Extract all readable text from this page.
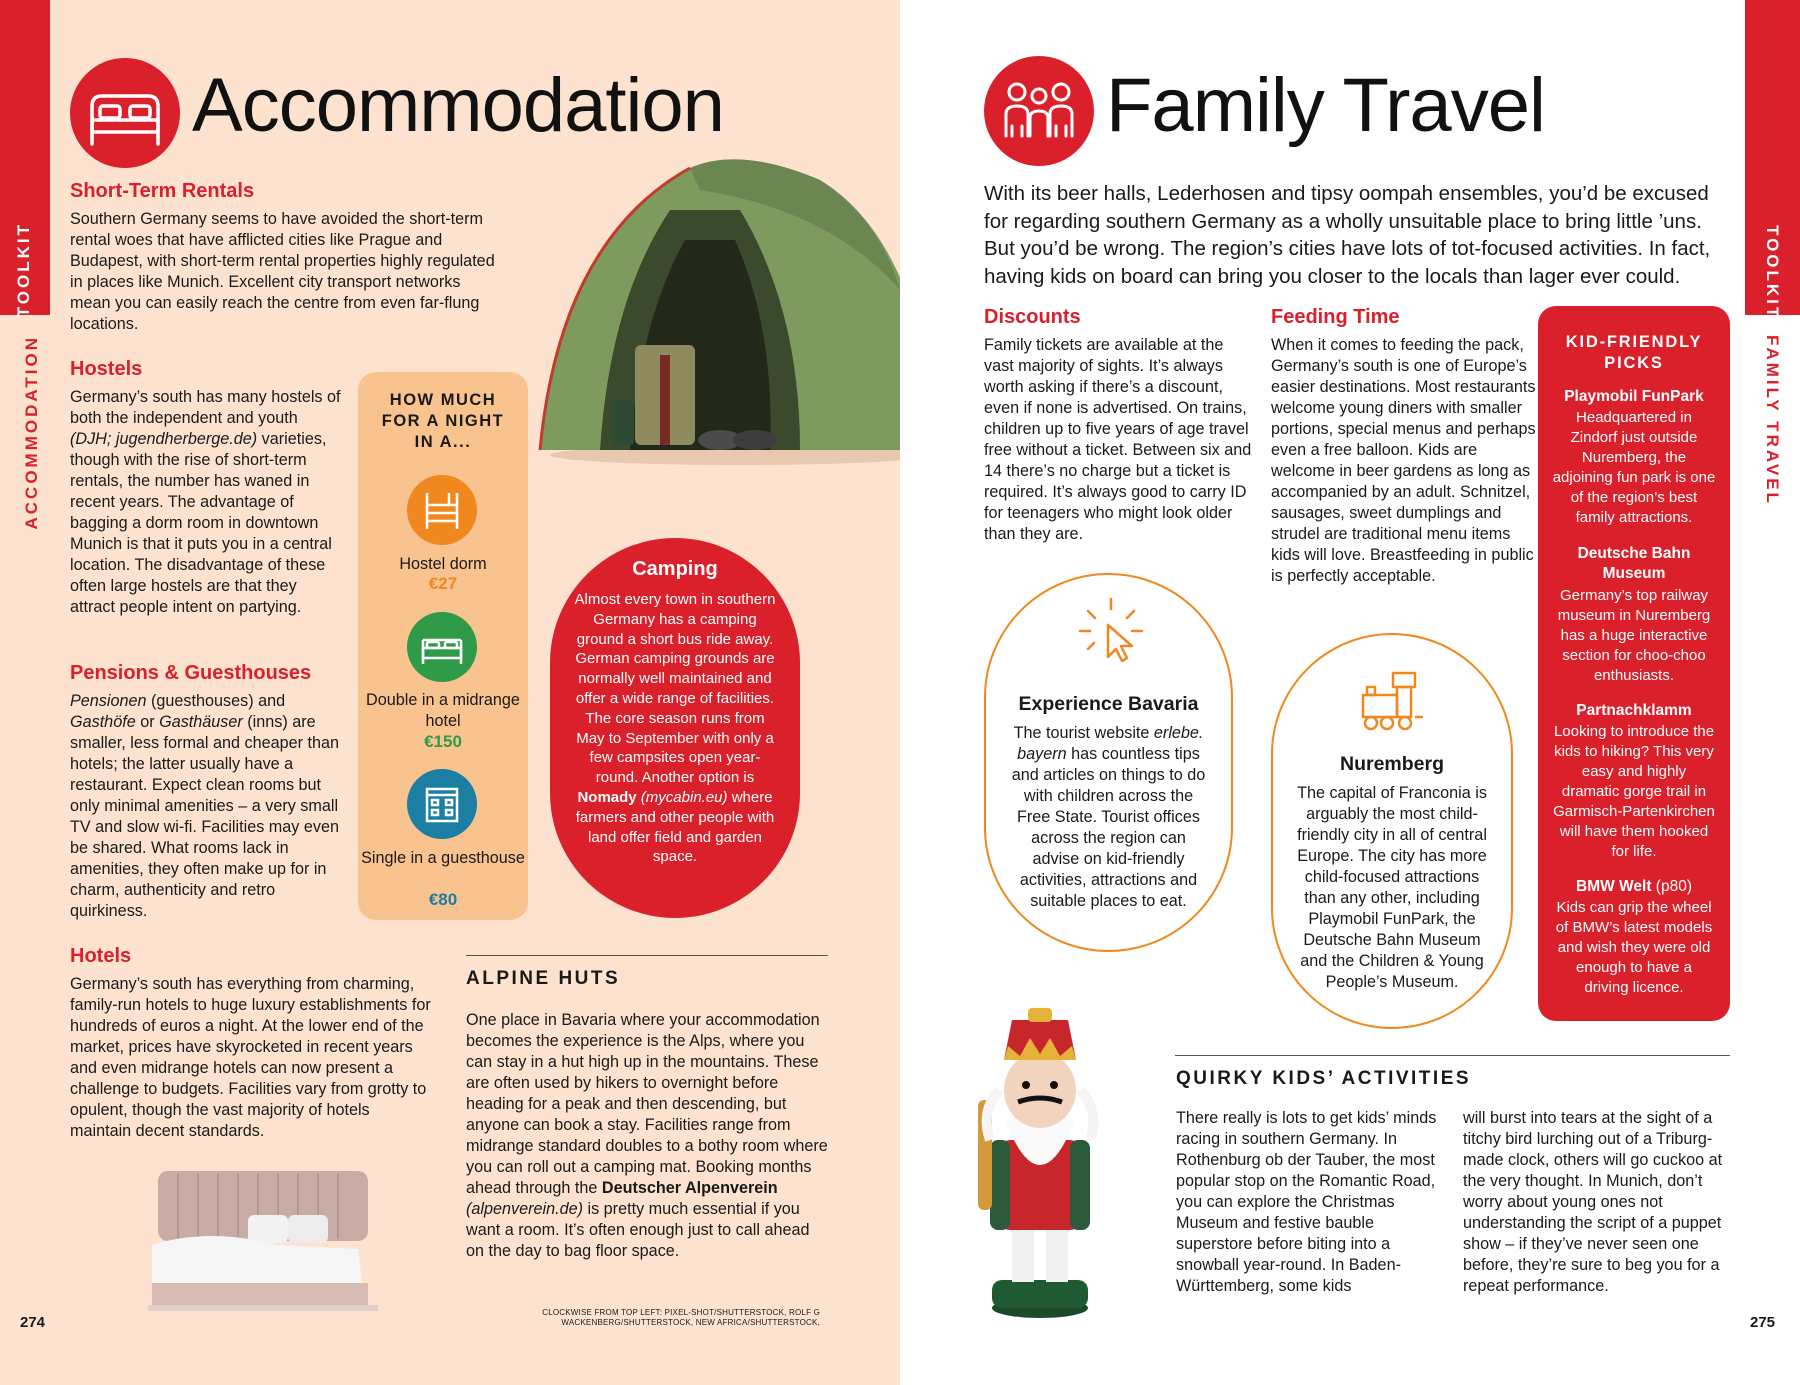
TOOLKIT
ACCOMMODATION
Accommodation
Short-Term Rentals

Southern Germany seems to have avoided the short-term rental woes that have afflicted cities like Prague and Budapest, with short-term rental properties highly regulated in places like Munich. Excellent city transport networks mean you can easily reach the centre from even far-flung locations.

Hostels

Germany’s south has many hostels of both the independent and youth (DJH; jugendherberge.de) varieties, though with the rise of short-term rentals, the number has waned in recent years. The advantage of bagging a dorm room in downtown Munich is that it puts you in a central location. The disadvantage of these often large hostels are that they attract people intent on partying.

Pensions & Guesthouses

Pensionen (guesthouses) and Gasthöfe or Gasthäuser (inns) are smaller, less formal and cheaper than hotels; the latter usually have a restaurant. Expect clean rooms but only minimal amenities – a very small TV and slow wi-fi. Facilities may even be shared. What rooms lack in amenities, they often make up for in charm, authenticity and retro quirkiness.

Hotels

Germany’s south has everything from charming, family-run hotels to huge luxury establishments for hundreds of euros a night. At the lower end of the market, prices have skyrocketed in recent years and even midrange hotels can now present a challenge to budgets. Facilities vary from grotty to opulent, though the vast majority of hotels maintain decent standards.

HOW MUCH FOR A NIGHT IN A...
Hostel dorm
€27
Double in a midrange hotel
€150
Single in a guesthouse
€80
Camping

Almost every town in southern Germany has a camping ground a short bus ride away. German camping grounds are normally well maintained and offer a wide range of facilities. The core season runs from May to September with only a few campsites open year-round. Another option is Nomady (mycabin.eu) where farmers and other people with land offer field and garden space.

ALPINE HUTS

One place in Bavaria where your accommodation becomes the experience is the Alps, where you can stay in a hut high up in the mountains. These are often used by hikers to overnight before heading for a peak and then descending, but anyone can book a stay. Facilities range from midrange standard doubles to a bothy room where you can roll out a camping mat. Booking months ahead through the Deutscher Alpenverein (alpenverein.de) is pretty much essential if you want a room. It’s often enough just to call ahead on the day to bag floor space.

274
CLOCKWISE FROM TOP LEFT: PIXEL-SHOT/SHUTTERSTOCK, ROLF G WACKENBERG/SHUTTERSTOCK, NEW AFRICA/SHUTTERSTOCK,
TOOLKIT
FAMILY TRAVEL
Family Travel

With its beer halls, Lederhosen and tipsy oompah ensembles, you’d be excused for regarding southern Germany as a wholly unsuitable place to bring little ’uns. But you’d be wrong. The region’s cities have lots of tot-focused activities. In fact, having kids on board can bring you closer to the locals than lager ever could.

Discounts

Family tickets are available at the vast majority of sights. It’s always worth asking if there’s a discount, even if none is advertised. On trains, children up to five years of age travel free without a ticket. Between six and 14 there’s no charge but a ticket is required. It’s always good to carry ID for teenagers who might look older than they are.

Feeding Time

When it comes to feeding the pack, Germany’s south is one of Europe’s easier destinations. Most restaurants welcome young diners with smaller portions, special menus and perhaps even a free balloon. Kids are welcome in beer gardens as long as accompanied by an adult. Schnitzel, sausages, sweet dumplings and strudel are traditional menu items kids will love. Breastfeeding in public is perfectly acceptable.

KID-FRIENDLY PICKS
Playmobil FunPark

Headquartered in Zindorf just outside Nuremberg, the adjoining fun park is one of the region’s best family attractions.

Deutsche Bahn Museum

Germany’s top railway museum in Nuremberg has a huge interactive section for choo-choo enthusiasts.

Partnachklamm

Looking to introduce the kids to hiking? This very easy and highly dramatic gorge trail in Garmisch-Partenkirchen will have them hooked for life.

BMW Welt (p80)

Kids can grip the wheel of BMW’s latest models and wish they were old enough to have a driving licence.

Experience Bavaria

The tourist website erlebe. bayern has countless tips and articles on things to do with children across the Free State. Tourist offices across the region can advise on kid-friendly activities, attractions and suitable places to eat.

Nuremberg

The capital of Franconia is arguably the most child-friendly city in all of central Europe. The city has more child-focused attractions than any other, including Playmobil FunPark, the Deutsche Bahn Museum and the Children & Young People’s Museum.

QUIRKY KIDS’ ACTIVITIES

There really is lots to get kids’ minds racing in southern Germany. In Rothenburg ob der Tauber, the most popular stop on the Romantic Road, you can explore the Christmas Museum and festive bauble superstore before biting into a snowball year-round. In Baden-Württemberg, some kids

will burst into tears at the sight of a titchy bird lurching out of a Triburg-made clock, others will go cuckoo at the very thought. In Munich, don’t worry about young ones not understanding the script of a puppet show – if they’ve never seen one before, they’re sure to beg you for a repeat performance.

275
